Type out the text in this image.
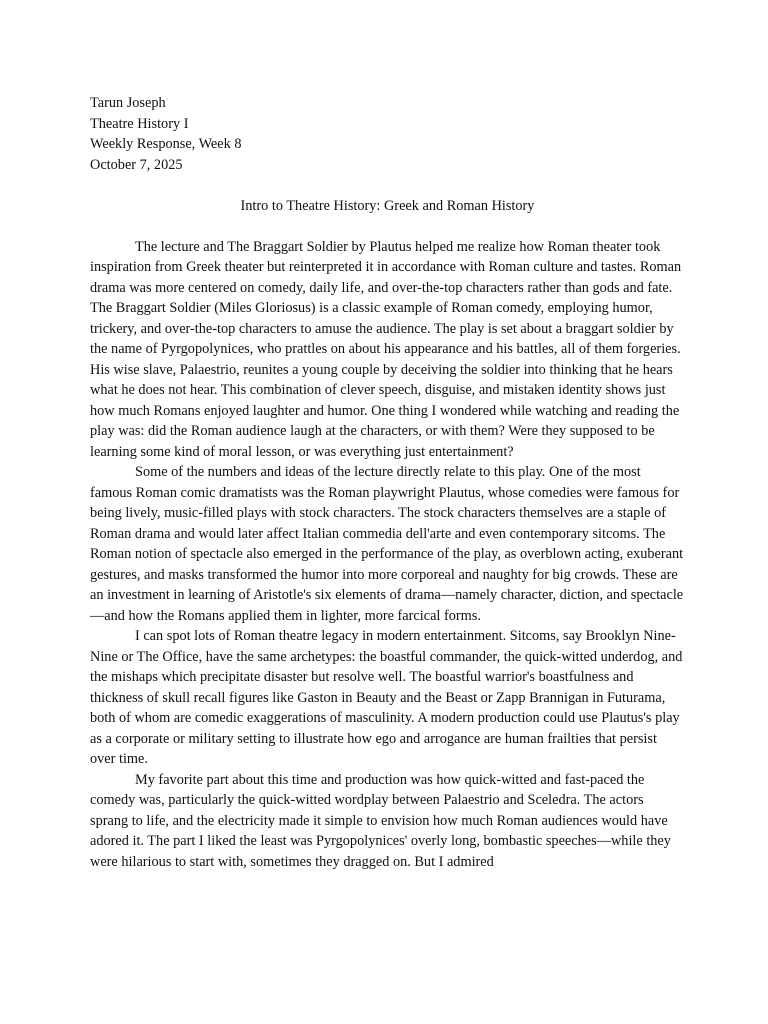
Tarun Joseph

Theatre History I

Weekly Response, Week 8

October 7, 2025

Intro to Theatre History: Greek and Roman History

The lecture and The Braggart Soldier by Plautus helped me realize how Roman theater took inspiration from Greek theater but reinterpreted it in accordance with Roman culture and tastes. Roman drama was more centered on comedy, daily life, and over-the-top characters rather than gods and fate. The Braggart Soldier (Miles Gloriosus) is a classic example of Roman comedy, employing humor, trickery, and over-the-top characters to amuse the audience. The play is set about a braggart soldier by the name of Pyrgopolynices, who prattles on about his appearance and his battles, all of them forgeries. His wise slave, Palaestrio, reunites a young couple by deceiving the soldier into thinking that he hears what he does not hear. This combination of clever speech, disguise, and mistaken identity shows just how much Romans enjoyed laughter and humor. One thing I wondered while watching and reading the play was: did the Roman audience laugh at the characters, or with them? Were they supposed to be learning some kind of moral lesson, or was everything just entertainment?

Some of the numbers and ideas of the lecture directly relate to this play. One of the most famous Roman comic dramatists was the Roman playwright Plautus, whose comedies were famous for being lively, music-filled plays with stock characters. The stock characters themselves are a staple of Roman drama and would later affect Italian commedia dell'arte and even contemporary sitcoms. The Roman notion of spectacle also emerged in the performance of the play, as overblown acting, exuberant gestures, and masks transformed the humor into more corporeal and naughty for big crowds. These are an investment in learning of Aristotle's six elements of drama—namely character, diction, and spectacle—and how the Romans applied them in lighter, more farcical forms.

I can spot lots of Roman theatre legacy in modern entertainment. Sitcoms, say Brooklyn Nine-Nine or The Office, have the same archetypes: the boastful commander, the quick-witted underdog, and the mishaps which precipitate disaster but resolve well. The boastful warrior's boastfulness and thickness of skull recall figures like Gaston in Beauty and the Beast or Zapp Brannigan in Futurama, both of whom are comedic exaggerations of masculinity. A modern production could use Plautus's play as a corporate or military setting to illustrate how ego and arrogance are human frailties that persist over time.

My favorite part about this time and production was how quick-witted and fast-paced the comedy was, particularly the quick-witted wordplay between Palaestrio and Sceledra. The actors sprang to life, and the electricity made it simple to envision how much Roman audiences would have adored it. The part I liked the least was Pyrgopolynices' overly long, bombastic speeches—while they were hilarious to start with, sometimes they dragged on. But I admired
